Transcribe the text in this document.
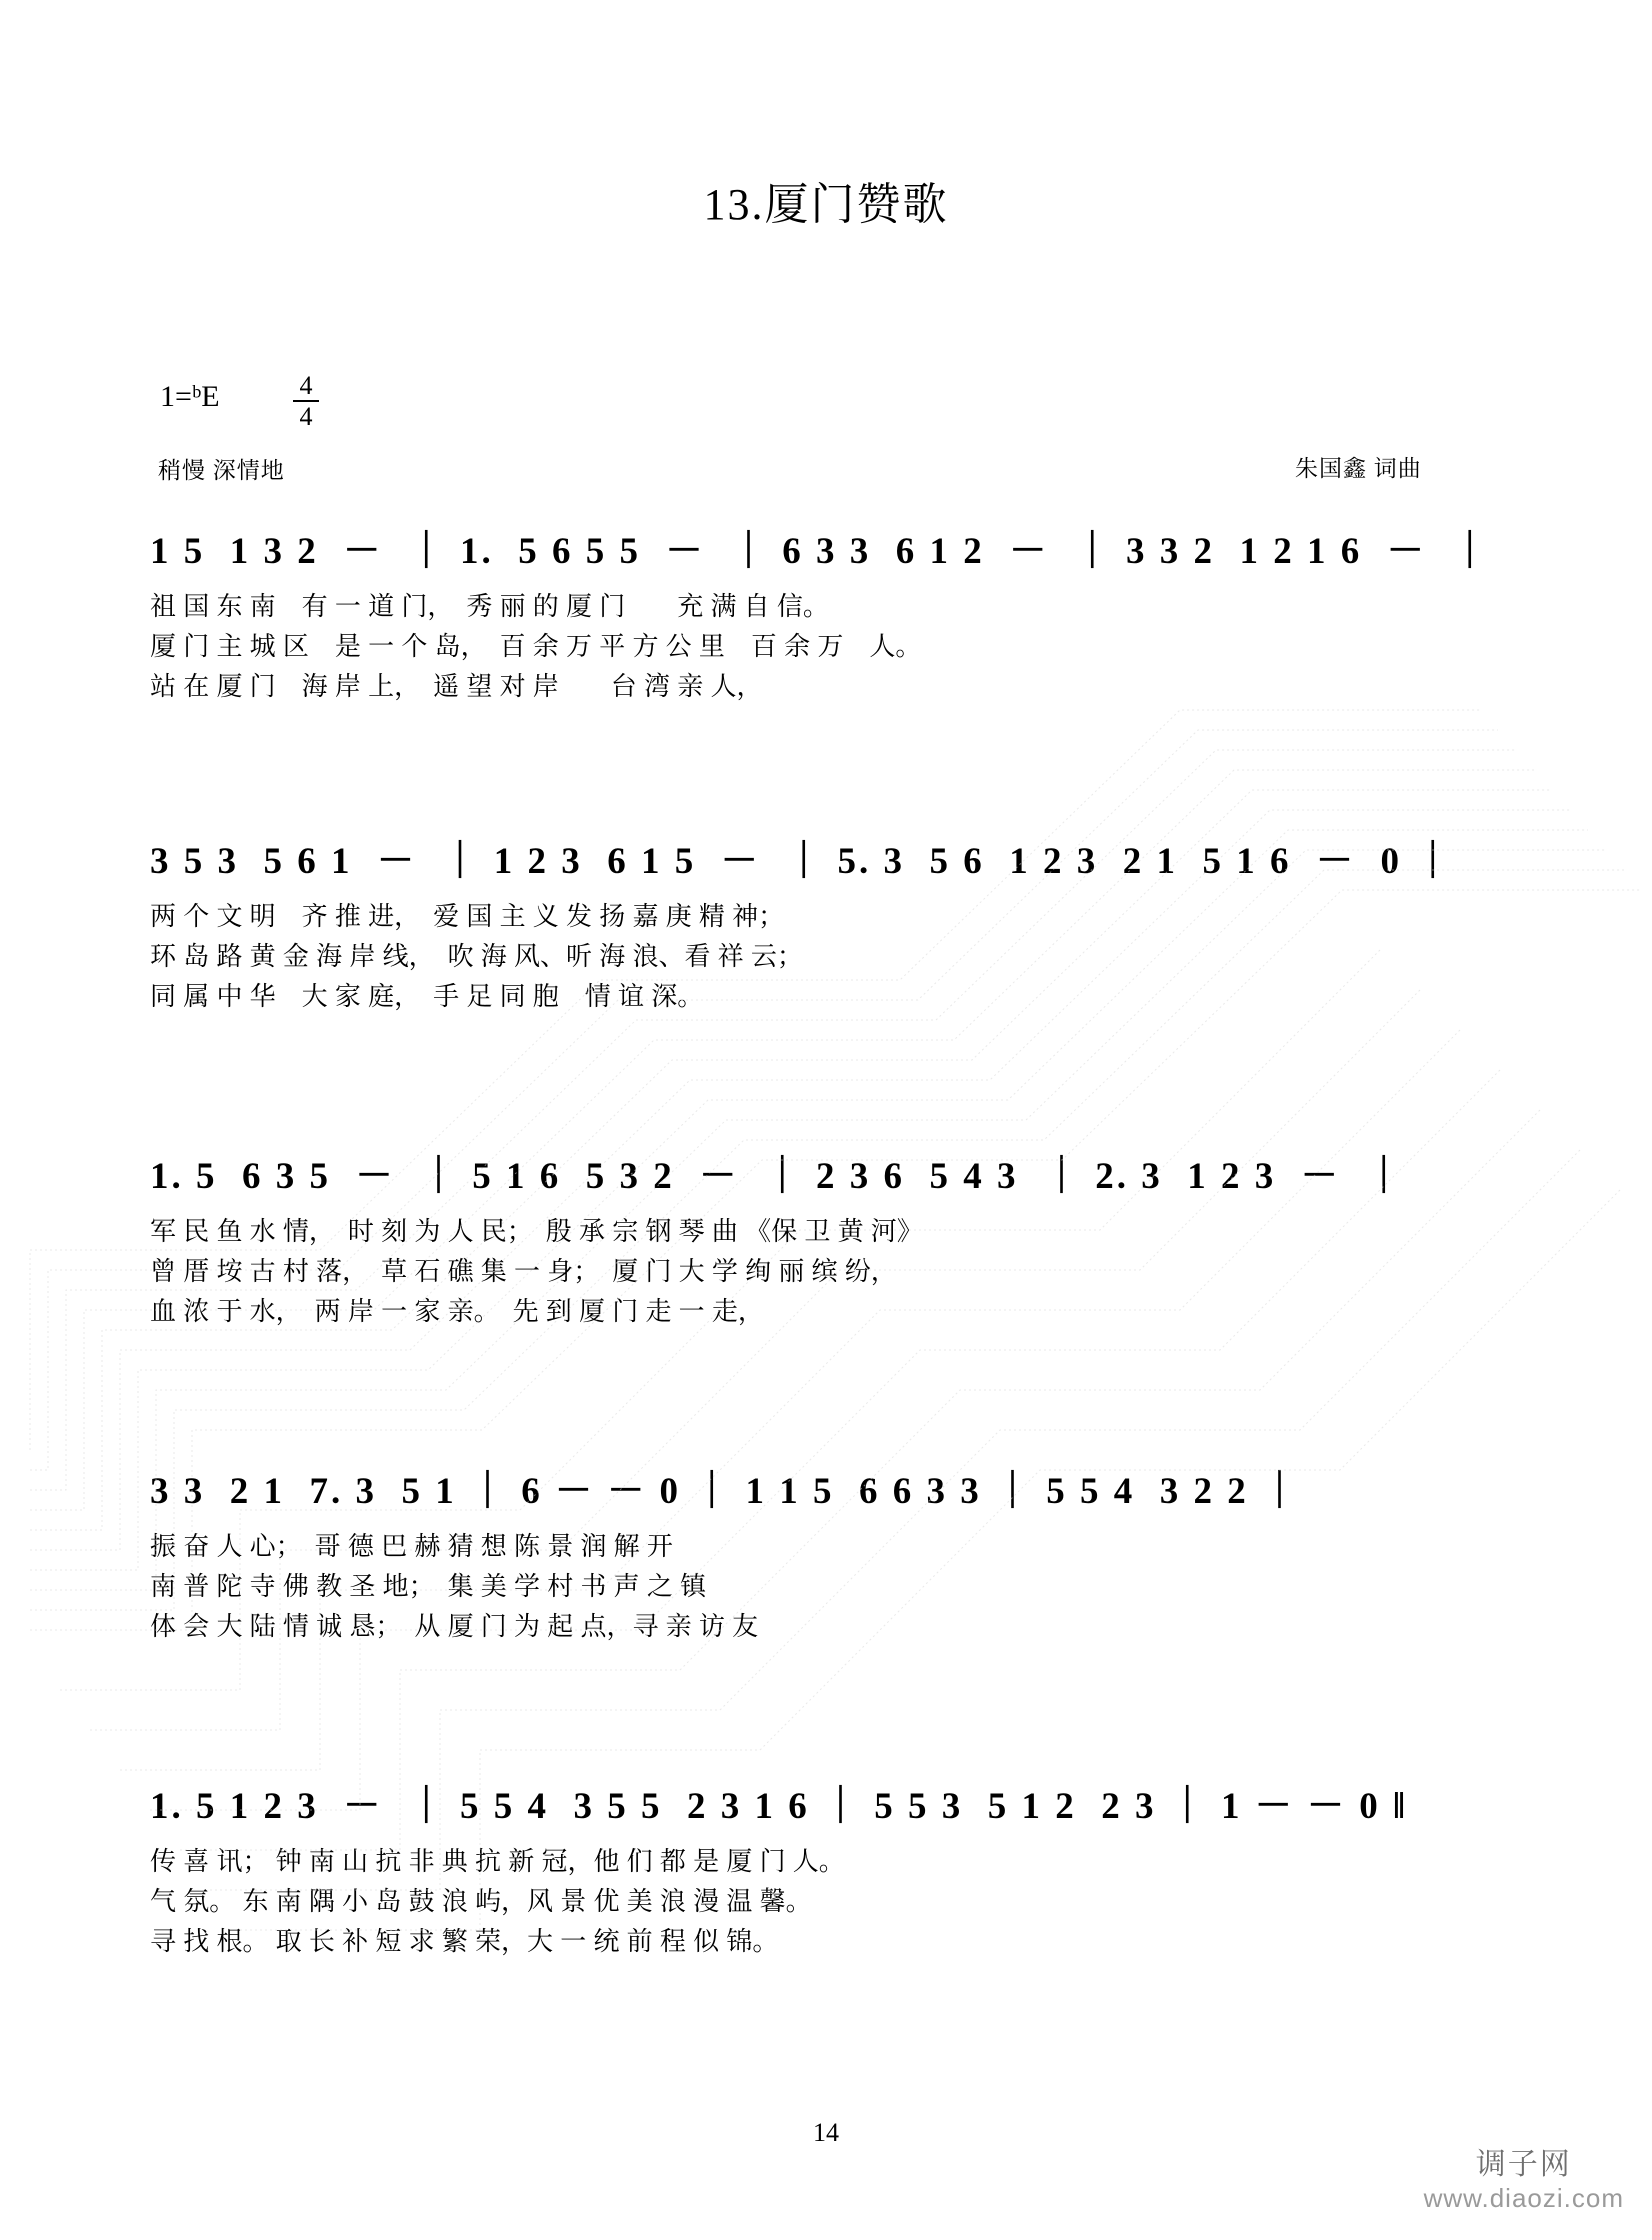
13.厦门赞歌
1=ᵇE	4
4
稍慢 深情地	朱国鑫 词曲
1 5  1 3 2  －  ｜ 1.  5 6 5 5  －  ｜ 6 3 3  6 1 2  －  ｜ 3 3 2  1 2 1 6  －  ｜
祖 国 东 南　有 一 道 门，　秀 丽 的 厦 门　　充 满 自 信。
厦 门 主 城 区　是 一 个 岛，　百 余 万 平 方 公 里　百 余 万　人。
站 在 厦 门　海 岸 上，　遥 望 对 岸　　台 湾 亲 人，
3 5 3  5 6 1  －  ｜ 1 2 3  6 1 5  －  ｜ 5. 3  5 6  1 2 3  2 1  5 1 6  －  0 ｜
两 个 文 明　齐 推 进，　爱 国 主 义 发 扬 嘉 庚 精 神；
环 岛 路 黄 金 海 岸 线，　吹 海 风、听 海 浪、看 祥 云；
同 属 中 华　大 家 庭，　手 足 同 胞　情 谊 深。
1. 5  6 3 5  －  ｜ 5 1 6  5 3 2  －  ｜ 2 3 6  5 4 3  ｜ 2. 3  1 2 3  －  ｜
军 民 鱼 水 情，　时 刻 为 人 民；　殷 承 宗 钢 琴 曲 《保 卫 黄 河》
曾 厝 垵 古 村 落，　草 石 礁 集 一 身；　厦 门 大 学 绚 丽 缤 纷，
血 浓 于 水，　两 岸 一 家 亲。　先 到 厦 门 走 一 走，
3 3  2 1  7. 3  5 1 ｜ 6 － － 0 ｜ 1 1 5  6 6 3 3 ｜ 5 5 4  3 2 2 ｜
振 奋 人 心；　哥 德 巴 赫 猜 想 陈 景 润 解 开
南 普 陀 寺 佛 教 圣 地；　集 美 学 村 书 声 之 镇
体 会 大 陆 情 诚 恳；　从 厦 门 为 起 点，寻 亲 访 友
1. 5 1 2 3  －  ｜ 5 5 4  3 5 5  2 3 1 6 ｜ 5 5 3  5 1 2  2 3 ｜ 1 － － 0 ‖
传 喜 讯； 钟 南 山 抗 非 典 抗 新 冠，他 们 都 是 厦 门 人。
气 氛。 东 南 隅 小 岛 鼓 浪 屿，风 景 优 美 浪 漫 温 馨。
寻 找 根。 取 长 补 短 求 繁 荣，大 一 统 前 程 似 锦。
14
调子网
www.diaozi.com
